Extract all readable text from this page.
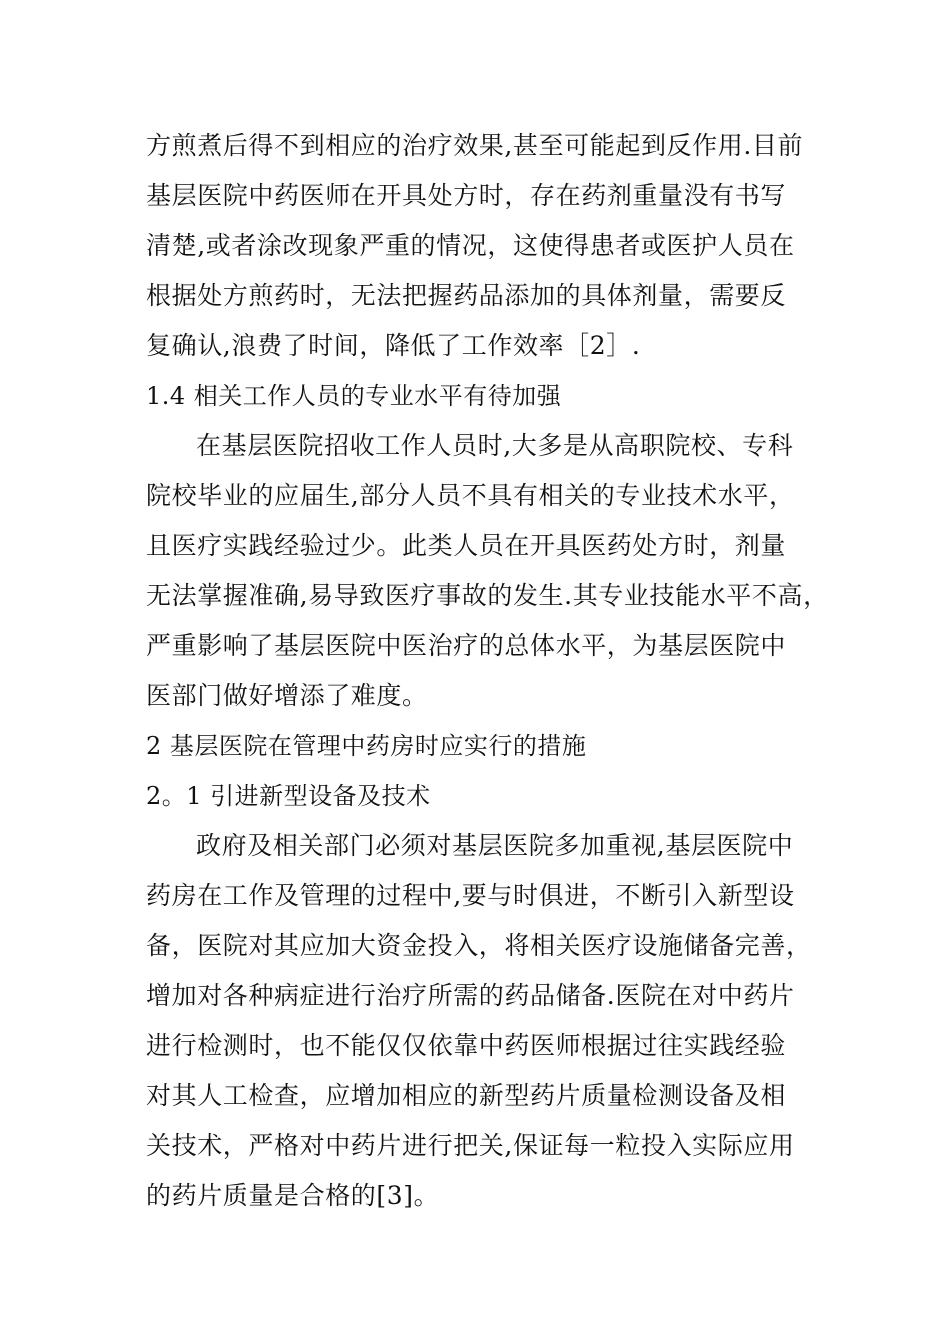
方煎煮后得不到相应的治疗效果,甚至可能起到反作用.目前
基层医院中药医师在开具处方时，存在药剂重量没有书写
清楚,或者涂改现象严重的情况，这使得患者或医护人员在
根据处方煎药时，无法把握药品添加的具体剂量，需要反
复确认,浪费了时间，降低了工作效率［2］.
1.4 相关工作人员的专业水平有待加强
在基层医院招收工作人员时,大多是从高职院校、专科
院校毕业的应届生,部分人员不具有相关的专业技术水平，
且医疗实践经验过少。此类人员在开具医药处方时，剂量
无法掌握准确,易导致医疗事故的发生.其专业技能水平不高，
严重影响了基层医院中医治疗的总体水平，为基层医院中
医部门做好增添了难度。
2 基层医院在管理中药房时应实行的措施
2。1 引进新型设备及技术
政府及相关部门必须对基层医院多加重视,基层医院中
药房在工作及管理的过程中,要与时俱进，不断引入新型设
备，医院对其应加大资金投入，将相关医疗设施储备完善，
增加对各种病症进行治疗所需的药品储备.医院在对中药片
进行检测时，也不能仅仅依靠中药医师根据过往实践经验
对其人工检查，应增加相应的新型药片质量检测设备及相
关技术，严格对中药片进行把关,保证每一粒投入实际应用
的药片质量是合格的[3]。
